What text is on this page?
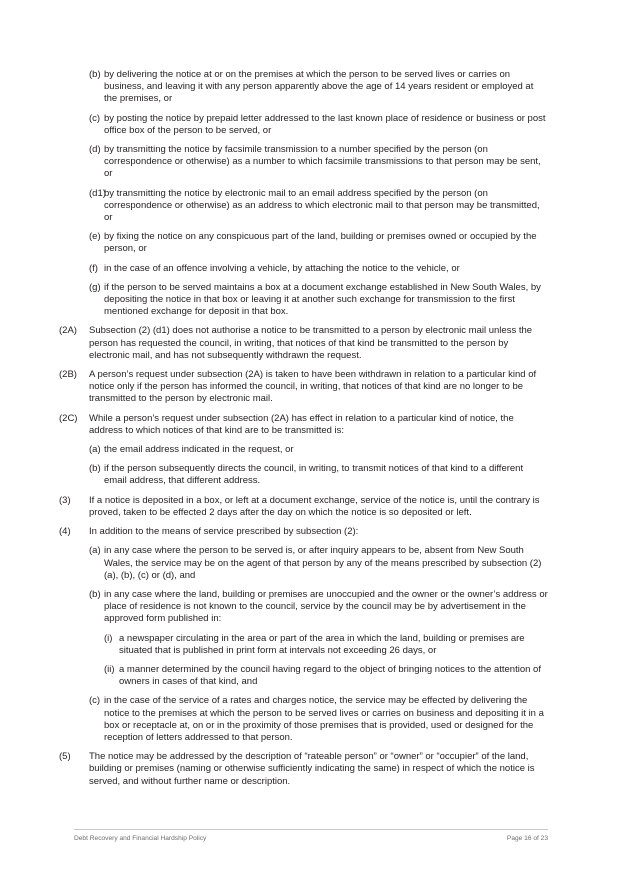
(b) by delivering the notice at or on the premises at which the person to be served lives or carries on business, and leaving it with any person apparently above the age of 14 years resident or employed at the premises, or
(c) by posting the notice by prepaid letter addressed to the last known place of residence or business or post office box of the person to be served, or
(d) by transmitting the notice by facsimile transmission to a number specified by the person (on correspondence or otherwise) as a number to which facsimile transmissions to that person may be sent, or
(d1)
by transmitting the notice by electronic mail to an email address specified by the person (on correspondence or otherwise) as an address to which electronic mail to that person may be transmitted, or
(e) by fixing the notice on any conspicuous part of the land, building or premises owned or occupied by the person, or
(f) in the case of an offence involving a vehicle, by attaching the notice to the vehicle, or
(g) if the person to be served maintains a box at a document exchange established in New South Wales, by depositing the notice in that box or leaving it at another such exchange for transmission to the first mentioned exchange for deposit in that box.
(2A) Subsection (2) (d1) does not authorise a notice to be transmitted to a person by electronic mail unless the person has requested the council, in writing, that notices of that kind be transmitted to the person by electronic mail, and has not subsequently withdrawn the request.
(2B) A person’s request under subsection (2A) is taken to have been withdrawn in relation to a particular kind of notice only if the person has informed the council, in writing, that notices of that kind are no longer to be transmitted to the person by electronic mail.
(2C) While a person’s request under subsection (2A) has effect in relation to a particular kind of notice, the address to which notices of that kind are to be transmitted is:
(a) the email address indicated in the request, or
(b) if the person subsequently directs the council, in writing, to transmit notices of that kind to a different email address, that different address.
(3) If a notice is deposited in a box, or left at a document exchange, service of the notice is, until the contrary is proved, taken to be effected 2 days after the day on which the notice is so deposited or left.
(4) In addition to the means of service prescribed by subsection (2):
(a) in any case where the person to be served is, or after inquiry appears to be, absent from New South Wales, the service may be on the agent of that person by any of the means prescribed by subsection (2) (a), (b), (c) or (d), and
(b) in any case where the land, building or premises are unoccupied and the owner or the owner’s address or place of residence is not known to the council, service by the council may be by advertisement in the approved form published in:
(i) a newspaper circulating in the area or part of the area in which the land, building or premises are situated that is published in print form at intervals not exceeding 26 days, or
(ii) a manner determined by the council having regard to the object of bringing notices to the attention of owners in cases of that kind, and
(c) in the case of the service of a rates and charges notice, the service may be effected by delivering the notice to the premises at which the person to be served lives or carries on business and depositing it in a box or receptacle at, on or in the proximity of those premises that is provided, used or designed for the reception of letters addressed to that person.
(5) The notice may be addressed by the description of “rateable person” or “owner” or “occupier” of the land, building or premises (naming or otherwise sufficiently indicating the same) in respect of which the notice is served, and without further name or description.
Debt Recovery and Financial Hardship Policy	Page 16 of 23
